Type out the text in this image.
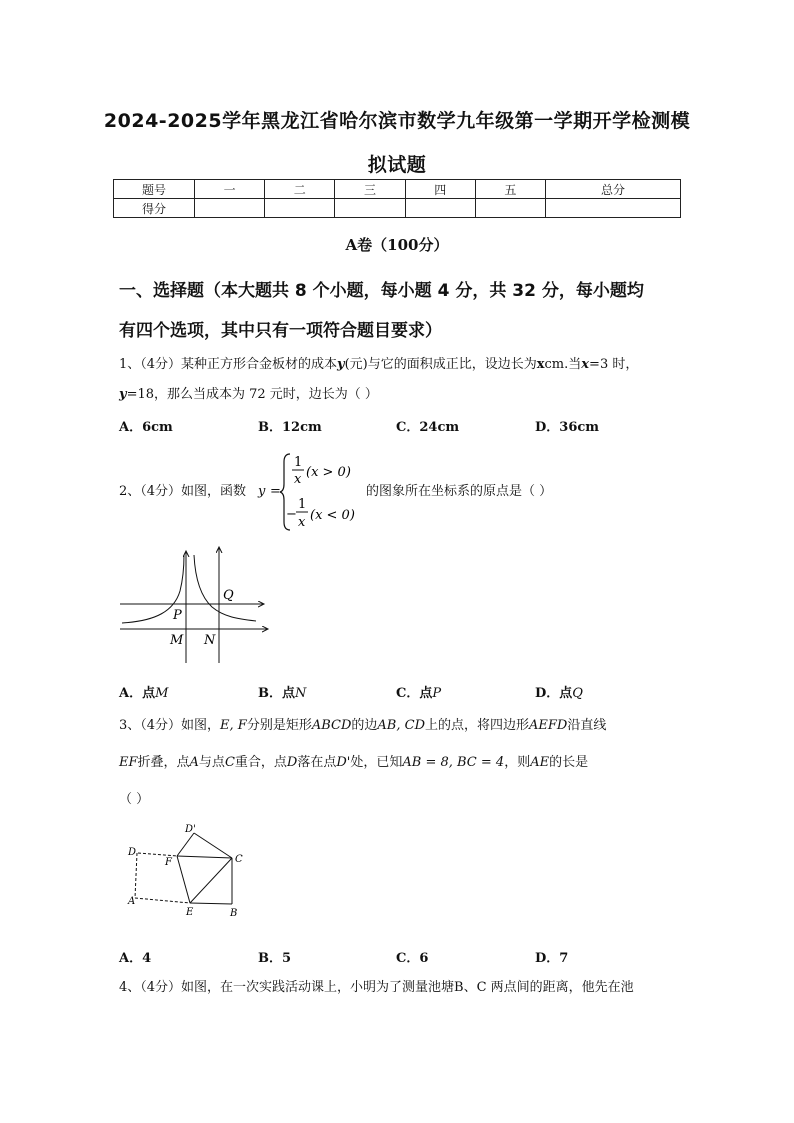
2024-2025学年黑龙江省哈尔滨市数学九年级第一学期开学检测模
拟试题
题号	一	二	三	四	五	总分
得分						
A卷（100分）
一、选择题（本大题共 8 个小题，每小题 4 分，共 32 分，每小题均
有四个选项，其中只有一项符合题目要求）
1、（4分）某种正方形合金板材的成本y(元)与它的面积成正比，设边长为xcm.当x=3 时，
y=18，那么当成本为 72 元时，边长为（ ）
A．6cm	B．12cm	C．24cm	D．36cm
2、（4分）如图，函数 y =
1
x (x > 0)
−
1
x (x < 0)
的图象所在坐标系的原点是（ ）
Q
P
M N
A．点M	B．点N	C．点P	D．点Q
3、（4分）如图，E, F分别是矩形ABCD的边AB, CD上的点，将四边形AEFD沿直线
EF折叠，点A与点C重合，点D落在点D'处，已知AB = 8, BC = 4，则AE的长是
（ ）
D'
D
F	C
A
E	B
A．4	B．5	C．6	D．7
4、（4分）如图，在一次实践活动课上，小明为了测量池塘B、C 两点间的距离，他先在池
